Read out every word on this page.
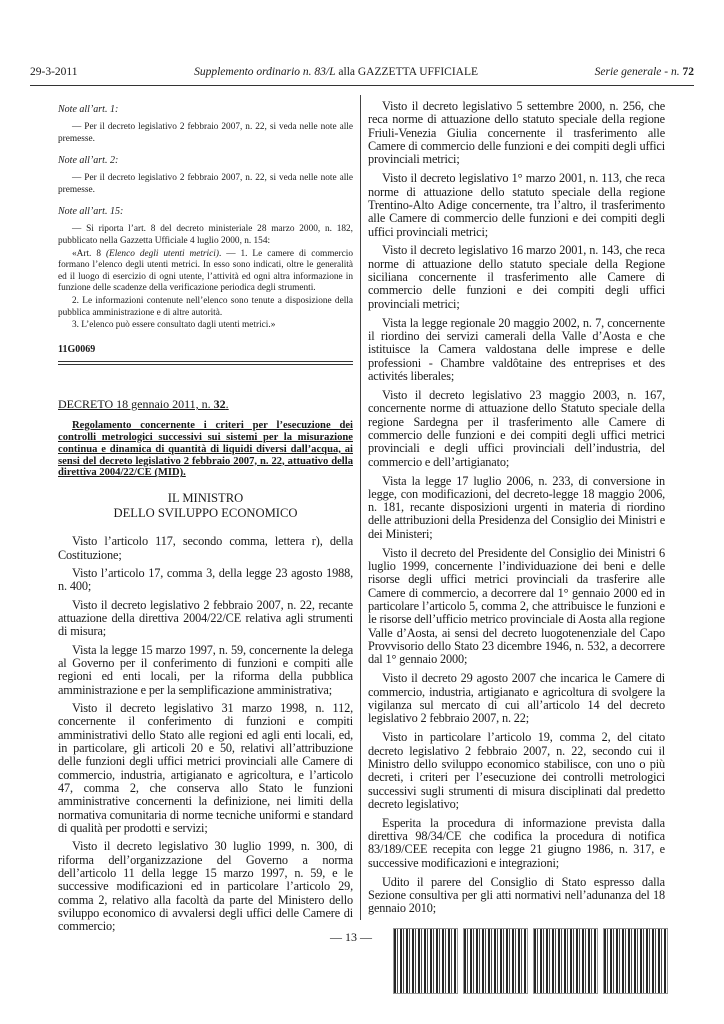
29-3-2011	Supplemento ordinario n. 83/L alla GAZZETTA UFFICIALE	Serie generale - n. 72

Note all’art. 1:

— Per il decreto legislativo 2 febbraio 2007, n. 22, si veda nelle note alle premesse.

Note all’art. 2:

— Per il decreto legislativo 2 febbraio 2007, n. 22, si veda nelle note alle premesse.

Note all’art. 15:

— Si riporta l’art. 8 del decreto ministeriale 28 marzo 2000, n. 182, pubblicato nella Gazzetta Ufficiale 4 luglio 2000, n. 154:

«Art. 8 (Elenco degli utenti metrici). — 1. Le camere di commercio formano l’elenco degli utenti metrici. In esso sono indicati, oltre le generalità ed il luogo di esercizio di ogni utente, l’attività ed ogni altra informazione in funzione delle scadenze della verificazione periodica degli strumenti.

2. Le informazioni contenute nell’elenco sono tenute a disposizione della pubblica amministrazione e di altre autorità.

3. L’elenco può essere consultato dagli utenti metrici.»

11G0069

DECRETO 18 gennaio 2011, n. 32.

Regolamento concernente i criteri per l’esecuzione dei controlli metrologici successivi sui sistemi per la misurazione continua e dinamica di quantità di liquidi diversi dall’acqua, ai sensi del decreto legislativo 2 febbraio 2007, n. 22, attuativo della direttiva 2004/22/CE (MID).

IL MINISTRO
DELLO SVILUPPO ECONOMICO

Visto l’articolo 117, secondo comma, lettera r), della Costituzione;

Visto l’articolo 17, comma 3, della legge 23 agosto 1988, n. 400;

Visto il decreto legislativo 2 febbraio 2007, n. 22, recante attuazione della direttiva 2004/22/CE relativa agli strumenti di misura;

Vista la legge 15 marzo 1997, n. 59, concernente la delega al Governo per il conferimento di funzioni e compiti alle regioni ed enti locali, per la riforma della pubblica amministrazione e per la semplificazione amministrativa;

Visto il decreto legislativo 31 marzo 1998, n. 112, concernente il conferimento di funzioni e compiti amministrativi dello Stato alle regioni ed agli enti locali, ed, in particolare, gli articoli 20 e 50, relativi all’attribuzione delle funzioni degli uffici metrici provinciali alle Camere di commercio, industria, artigianato e agricoltura, e l’articolo 47, comma 2, che conserva allo Stato le funzioni amministrative concernenti la definizione, nei limiti della normativa comunitaria di norme tecniche uniformi e standard di qualità per prodotti e servizi;

Visto il decreto legislativo 30 luglio 1999, n. 300, di riforma dell’organizzazione del Governo a norma dell’articolo 11 della legge 15 marzo 1997, n. 59, e le successive modificazioni ed in particolare l’articolo 29, comma 2, relativo alla facoltà da parte del Ministero dello sviluppo economico di avvalersi degli uffici delle Camere di commercio;

Visto il decreto legislativo 5 settembre 2000, n. 256, che reca norme di attuazione dello statuto speciale della regione Friuli-Venezia Giulia concernente il trasferimento alle Camere di commercio delle funzioni e dei compiti degli uffici provinciali metrici;

Visto il decreto legislativo 1° marzo 2001, n. 113, che reca norme di attuazione dello statuto speciale della regione Trentino-Alto Adige concernente, tra l’altro, il trasferimento alle Camere di commercio delle funzioni e dei compiti degli uffici provinciali metrici;

Visto il decreto legislativo 16 marzo 2001, n. 143, che reca norme di attuazione dello statuto speciale della Regione siciliana concernente il trasferimento alle Camere di commercio delle funzioni e dei compiti degli uffici provinciali metrici;

Vista la legge regionale 20 maggio 2002, n. 7, concernente il riordino dei servizi camerali della Valle d’Aosta e che istituisce la Camera valdostana delle imprese e delle professioni - Chambre valdôtaine des entreprises et des activités liberales;

Visto il decreto legislativo 23 maggio 2003, n. 167, concernente norme di attuazione dello Statuto speciale della regione Sardegna per il trasferimento alle Camere di commercio delle funzioni e dei compiti degli uffici metrici provinciali e degli uffici provinciali dell’industria, del commercio e dell’artigianato;

Vista la legge 17 luglio 2006, n. 233, di conversione in legge, con modificazioni, del decreto-legge 18 maggio 2006, n. 181, recante disposizioni urgenti in materia di riordino delle attribuzioni della Presidenza del Consiglio dei Ministri e dei Ministeri;

Visto il decreto del Presidente del Consiglio dei Ministri 6 luglio 1999, concernente l’individuazione dei beni e delle risorse degli uffici metrici provinciali da trasferire alle Camere di commercio, a decorrere dal 1° gennaio 2000 ed in particolare l’articolo 5, comma 2, che attribuisce le funzioni e le risorse dell’ufficio metrico provinciale di Aosta alla regione Valle d’Aosta, ai sensi del decreto luogotenenziale del Capo Provvisorio dello Stato 23 dicembre 1946, n. 532, a decorrere dal 1° gennaio 2000;

Visto il decreto 29 agosto 2007 che incarica le Camere di commercio, industria, artigianato e agricoltura di svolgere la vigilanza sul mercato di cui all’articolo 14 del decreto legislativo 2 febbraio 2007, n. 22;

Visto in particolare l’articolo 19, comma 2, del citato decreto legislativo 2 febbraio 2007, n. 22, secondo cui il Ministro dello sviluppo economico stabilisce, con uno o più decreti, i criteri per l’esecuzione dei controlli metrologici successivi sugli strumenti di misura disciplinati dal predetto decreto legislativo;

Esperita la procedura di informazione prevista dalla direttiva 98/34/CE che codifica la procedura di notifica 83/189/CEE recepita con legge 21 giugno 1986, n. 317, e successive modificazioni e integrazioni;

Udito il parere del Consiglio di Stato espresso dalla Sezione consultiva per gli atti normativi nell’adunanza del 18 gennaio 2010;

— 13 —
